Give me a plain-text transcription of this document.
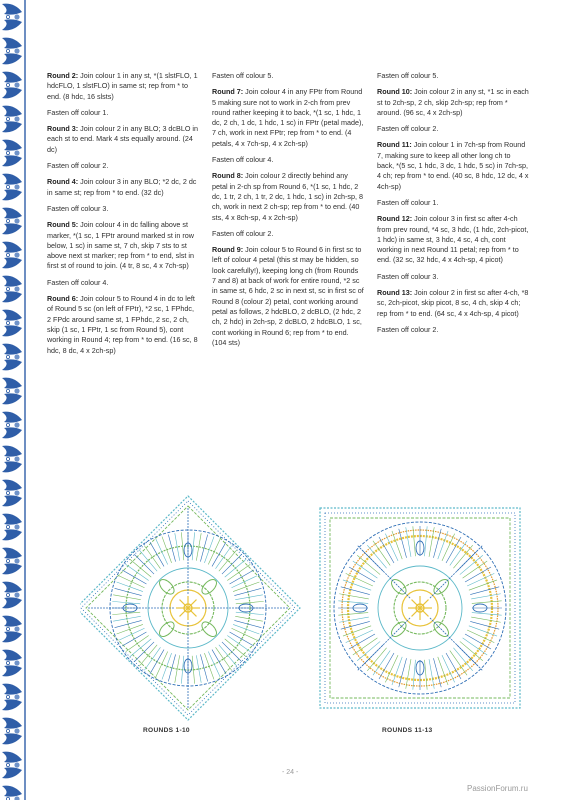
Round 2: Join colour 1 in any st, *(1 slstFLO, 1 hdcFLO, 1 slstFLO) in same st; rep from * to end. (8 hdc, 16 slsts)

Fasten off colour 1.

Round 3: Join colour 2 in any BLO; 3 dcBLO in each st to end. Mark 4 sts equally around. (24 dc)

Fasten off colour 2.

Round 4: Join colour 3 in any BLO; *2 dc, 2 dc in same st; rep from * to end. (32 dc)

Fasten off colour 3.

Round 5: Join colour 4 in dc falling above st marker, *(1 sc, 1 FPtr around marked st in row below, 1 sc) in same st, 7 ch, skip 7 sts to st above next st marker; rep from * to end, slst in first st of round to join. (4 tr, 8 sc, 4 x 7ch-sp)

Fasten off colour 4.

Round 6: Join colour 5 to Round 4 in dc to left of Round 5 sc (on left of FPtr), *2 sc, 1 FPhdc, 2 FPdc around same st, 1 FPhdc, 2 sc, 2 ch, skip (1 sc, 1 FPtr, 1 sc from Round 5), cont working in Round 4; rep from * to end. (16 sc, 8 hdc, 8 dc, 4 x 2ch-sp)

Fasten off colour 5.

Round 7: Join colour 4 in any FPtr from Round 5 making sure not to work in 2-ch from prev round rather keeping it to back, *(1 sc, 1 hdc, 1 dc, 2 ch, 1 dc, 1 hdc, 1 sc) in FPtr (petal made), 7 ch, work in next FPtr; rep from * to end. (4 petals, 4 x 7ch-sp, 4 x 2ch-sp)

Fasten off colour 4.

Round 8: Join colour 2 directly behind any petal in 2-ch sp from Round 6, *(1 sc, 1 hdc, 2 dc, 1 tr, 2 ch, 1 tr, 2 dc, 1 hdc, 1 sc) in 2ch-sp, 8 ch, work in next 2 ch-sp; rep from * to end. (40 sts, 4 x 8ch-sp, 4 x 2ch-sp)

Fasten off colour 2.

Round 9: Join colour 5 to Round 6 in first sc to left of colour 4 petal (this st may be hidden, so look carefully!), keeping long ch (from Rounds 7 and 8) at back of work for entire round, *2 sc in same st, 6 hdc, 2 sc in next st, sc in first sc of Round 8 (colour 2) petal, cont working around petal as follows, 2 hdcBLO, 2 dcBLO, (2 hdc, 2 ch, 2 hdc) in 2ch-sp, 2 dcBLO, 2 hdcBLO, 1 sc, cont working in Round 6; rep from * to end. (104 sts)

Fasten off colour 5.

Round 10: Join colour 2 in any st, *1 sc in each st to 2ch-sp, 2 ch, skip 2ch-sp; rep from * around. (96 sc, 4 x 2ch-sp)

Fasten off colour 2.

Round 11: Join colour 1 in 7ch-sp from Round 7, making sure to keep all other long ch to back, *(5 sc, 1 hdc, 3 dc, 1 hdc, 5 sc) in 7ch-sp, 4 ch; rep from * to end. (40 sc, 8 hdc, 12 dc, 4 x 4ch-sp)

Fasten off colour 1.

Round 12: Join colour 3 in first sc after 4-ch from prev round, *4 sc, 3 hdc, (1 hdc, 2ch-picot, 1 hdc) in same st, 3 hdc, 4 sc, 4 ch, cont working in next Round 11 petal; rep from * to end. (32 sc, 32 hdc, 4 x 4ch-sp, 4 picot)

Fasten off colour 3.

Round 13: Join colour 2 in first sc after 4-ch, *8 sc, 2ch-picot, skip picot, 8 sc, 4 ch, skip 4 ch; rep from * to end. (64 sc, 4 x 4ch-sp, 4 picot)

Fasten off colour 2.

ROUNDS 1-10	ROUNDS 11-13
- 24 -
PassionForum.ru
